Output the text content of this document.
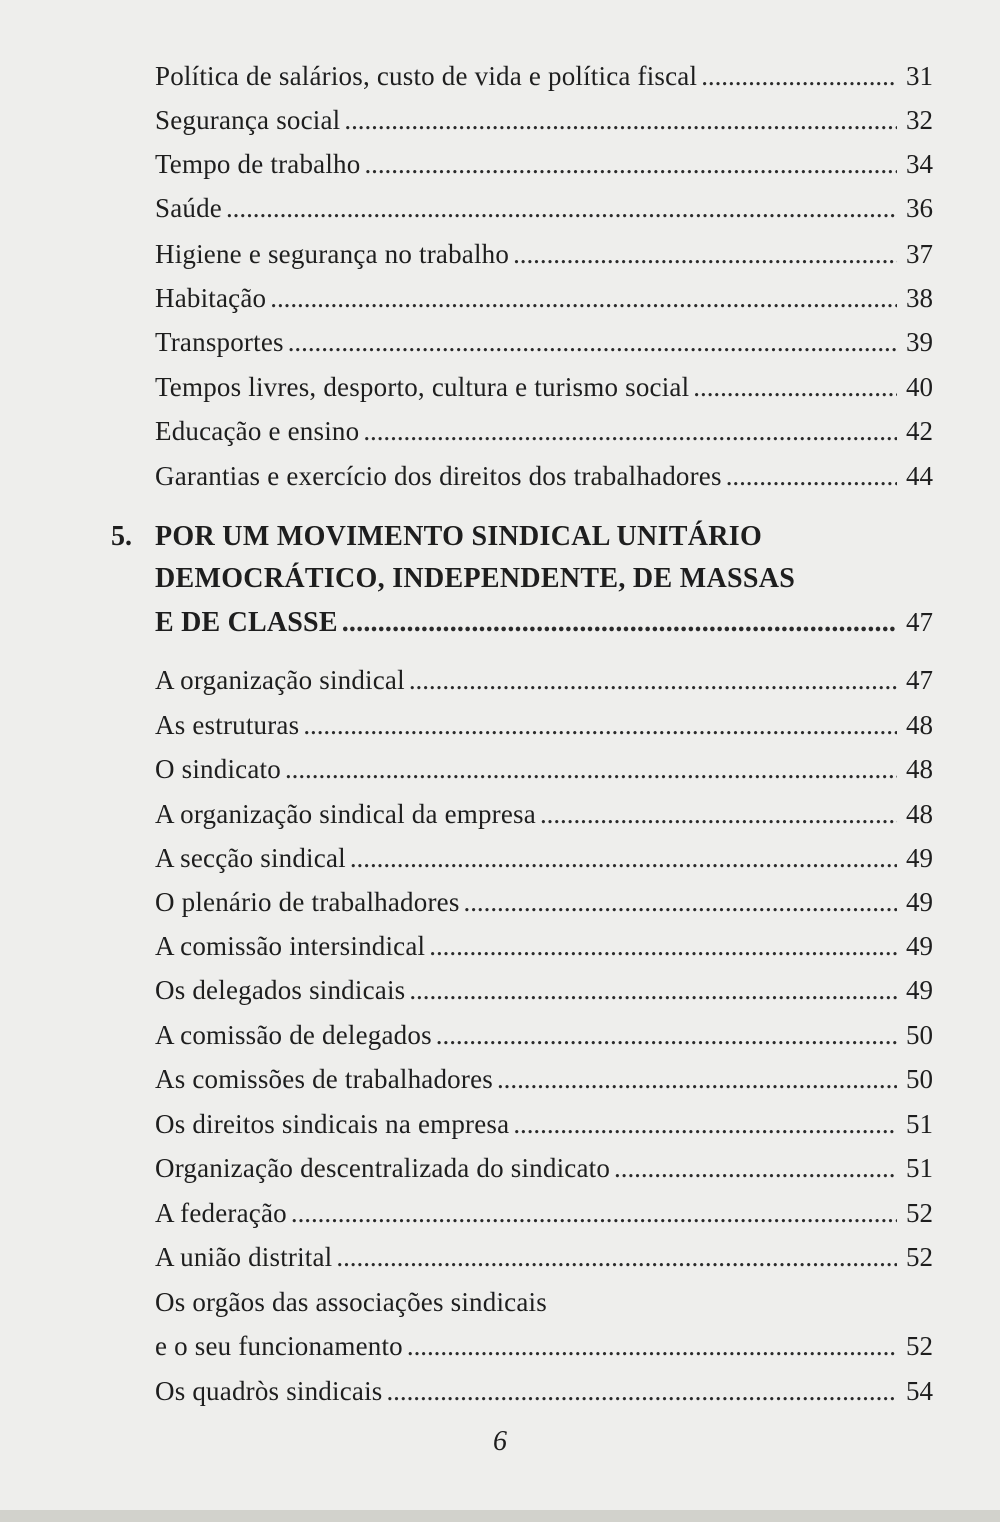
Política de salários, custo de vida e política fiscal . . .	31
Segurança social . . .	32
Tempo de trabalho . . .	34
Saúde . . .	36
Higiene e segurança no trabalho . . .	37
Habitação . . .	38
Transportes . . .	39
Tempos livres, desporto, cultura e turismo social . . .	40
Educação e ensino . . .	42
Garantias e exercício dos direitos dos trabalhadores . . .	44
5. POR UM MOVIMENTO SINDICAL UNITÁRIO
DEMOCRÁTICO, INDEPENDENTE, DE MASSAS
E DE CLASSE . . .	47
A organização sindical . . .	47
As estruturas . . .	48
O sindicato . . .	48
A organização sindical da empresa . . .	48
A secção sindical . . .	49
O plenário de trabalhadores . . .	49
A comissão intersindical . . .	49
Os delegados sindicais . . .	49
A comissão de delegados . . .	50
As comissões de trabalhadores . . .	50
Os direitos sindicais na empresa . . .	51
Organização descentralizada do sindicato . . .	51
A federação . . .	52
A união distrital . . .	52
Os orgãos das associações sindicais
e o seu funcionamento . . .	52
Os quadròs sindicais . . .	54
6
